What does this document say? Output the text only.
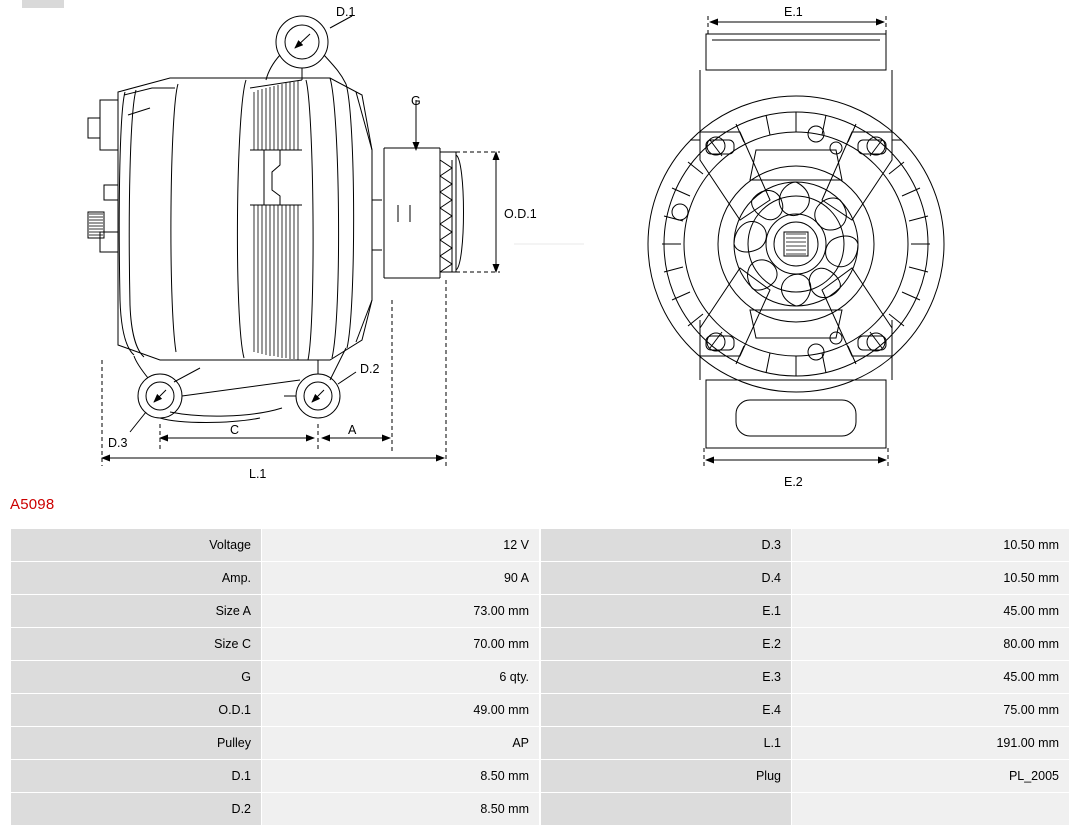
D.1
D.2
D.3
G
O.D.1
C	A
L.1
E.1
E.2
A5098
Voltage	12 V
Amp.	90 A
Size A	73.00 mm
Size C	70.00 mm
G	6 qty.
O.D.1	49.00 mm
Pulley	AP
D.1	8.50 mm
D.2	8.50 mm
D.3	10.50 mm
D.4	10.50 mm
E.1	45.00 mm
E.2	80.00 mm
E.3	45.00 mm
E.4	75.00 mm
L.1	191.00 mm
Plug	PL_2005
